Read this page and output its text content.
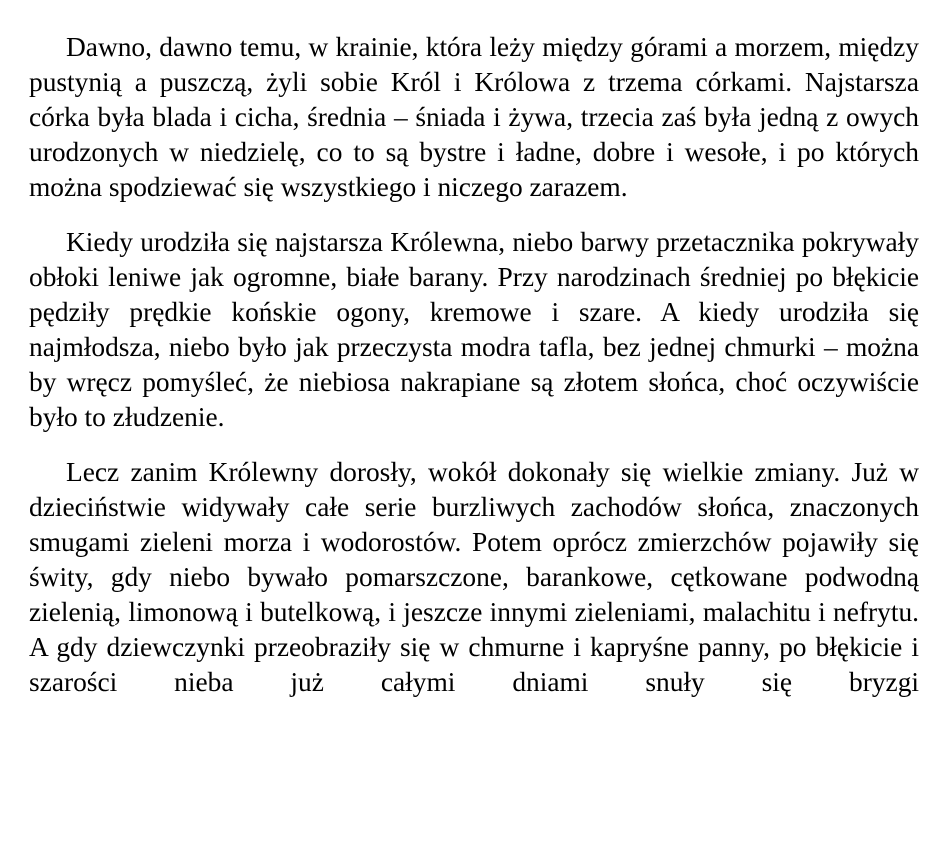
Dawno, dawno temu, w krainie, która leży między górami a morzem, między pustynią a puszczą, żyli sobie Król i Królowa z trzema córkami. Najstarsza córka była blada i cicha, średnia – śniada i żywa, trzecia zaś była jedną z owych urodzonych w niedzielę, co to są bystre i ładne, dobre i wesołe, i po których można spodziewać się wszystkiego i niczego zarazem.

Kiedy urodziła się najstarsza Królewna, niebo barwy przetacznika pokrywały obłoki leniwe jak ogromne, białe barany. Przy narodzinach średniej po błękicie pędziły prędkie końskie ogony, kremowe i szare. A kiedy urodziła się najmłodsza, niebo było jak przeczysta modra tafla, bez jednej chmurki – można by wręcz pomyśleć, że niebiosa nakrapiane są złotem słońca, choć oczywiście było to złudzenie.

Lecz zanim Królewny dorosły, wokół dokonały się wielkie zmiany. Już w dzieciństwie widywały całe serie burzliwych zachodów słońca, znaczonych smugami zieleni morza i wodorostów. Potem oprócz zmierzchów pojawiły się świty, gdy niebo bywało pomarszczone, barankowe, cętkowane podwodną zielenią, limonową i butelkową, i jeszcze innymi zieleniami, malachitu i nefrytu. A gdy dziewczynki przeobraziły się w chmurne i kapryśne panny, po błękicie i szarości nieba już całymi dniami snuły się bryzgi
